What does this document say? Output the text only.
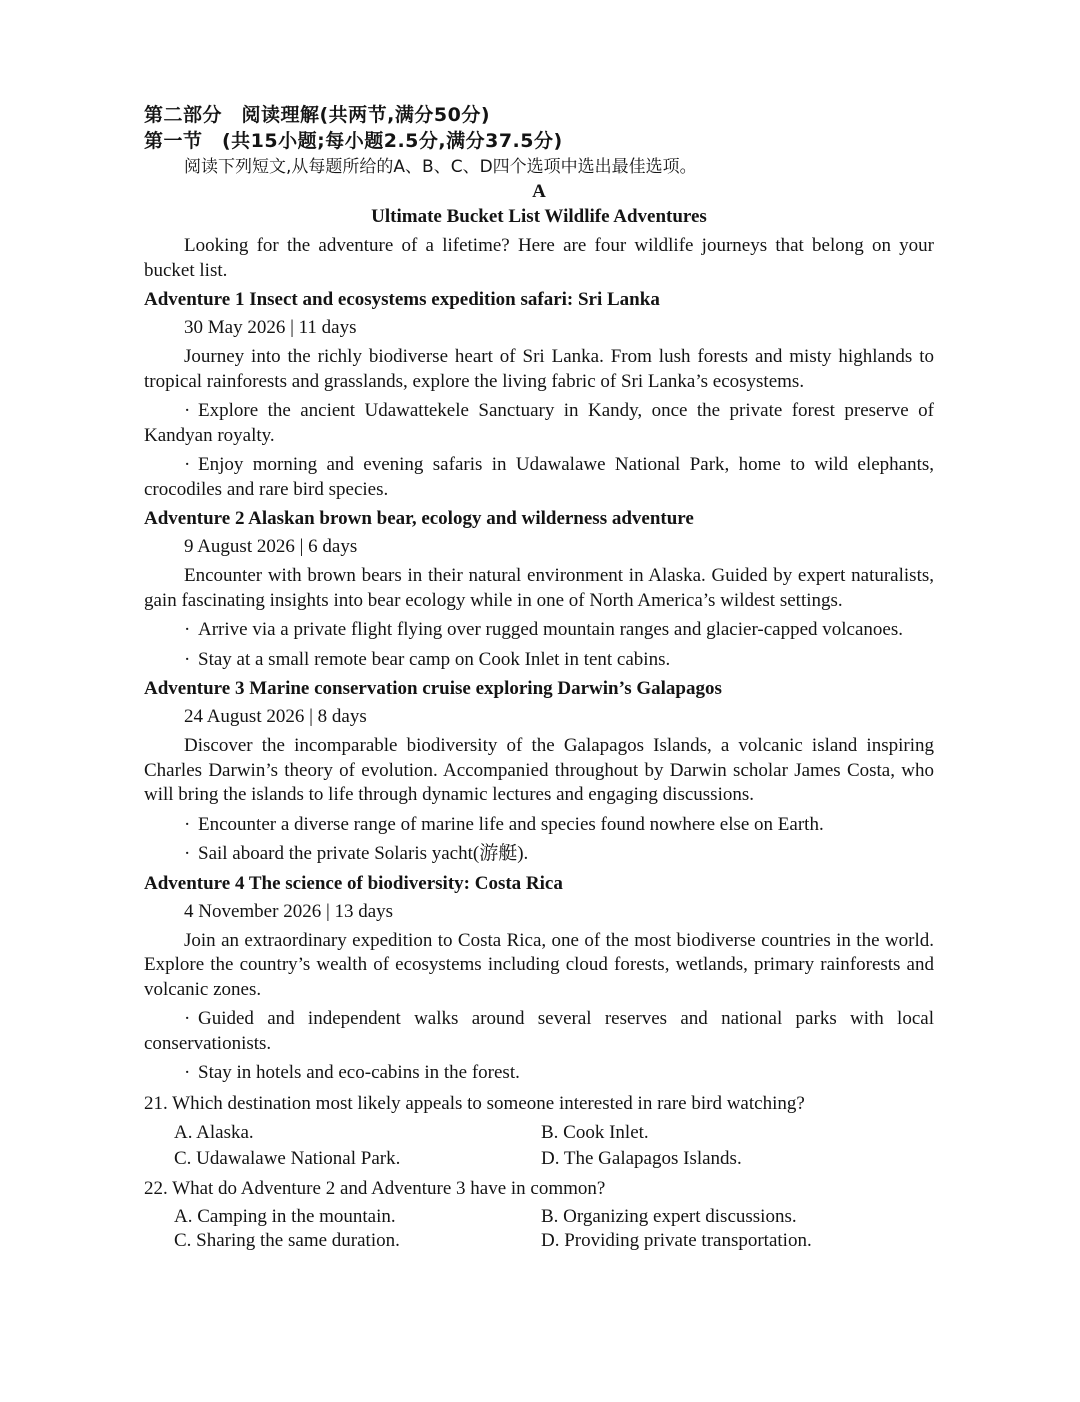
第二部分　阅读理解(共两节,满分50分)

第一节　(共15小题;每小题2.5分,满分37.5分)

阅读下列短文,从每题所给的A、B、C、D四个选项中选出最佳选项。

A

Ultimate Bucket List Wildlife Adventures

Looking for the adventure of a lifetime? Here are four wildlife journeys that belong on your bucket list.

Adventure 1 Insect and ecosystems expedition safari: Sri Lanka

30 May 2026 | 11 days

Journey into the richly biodiverse heart of Sri Lanka. From lush forests and misty highlands to tropical rainforests and grasslands, explore the living fabric of Sri Lanka’s ecosystems.

· Explore the ancient Udawattekele Sanctuary in Kandy, once the private forest preserve of Kandyan royalty.

· Enjoy morning and evening safaris in Udawalawe National Park, home to wild elephants, crocodiles and rare bird species.

Adventure 2 Alaskan brown bear, ecology and wilderness adventure

9 August 2026 | 6 days

Encounter with brown bears in their natural environment in Alaska. Guided by expert naturalists, gain fascinating insights into bear ecology while in one of North America’s wildest settings.

· Arrive via a private flight flying over rugged mountain ranges and glacier-capped volcanoes.

· Stay at a small remote bear camp on Cook Inlet in tent cabins.

Adventure 3 Marine conservation cruise exploring Darwin’s Galapagos

24 August 2026 | 8 days

Discover the incomparable biodiversity of the Galapagos Islands, a volcanic island inspiring Charles Darwin’s theory of evolution. Accompanied throughout by Darwin scholar James Costa, who will bring the islands to life through dynamic lectures and engaging discussions.

· Encounter a diverse range of marine life and species found nowhere else on Earth.

· Sail aboard the private Solaris yacht(游艇).

Adventure 4 The science of biodiversity: Costa Rica

4 November 2026 | 13 days

Join an extraordinary expedition to Costa Rica, one of the most biodiverse countries in the world. Explore the country’s wealth of ecosystems including cloud forests, wetlands, primary rainforests and volcanic zones.

· Guided and independent walks around several reserves and national parks with local conservationists.

· Stay in hotels and eco-cabins in the forest.

21. Which destination most likely appeals to someone interested in rare bird watching?

A. Alaska.	B. Cook Inlet.
C. Udawalawe National Park.	D. The Galapagos Islands.

22. What do Adventure 2 and Adventure 3 have in common?

A. Camping in the mountain.	B. Organizing expert discussions.
C. Sharing the same duration.	D. Providing private transportation.
